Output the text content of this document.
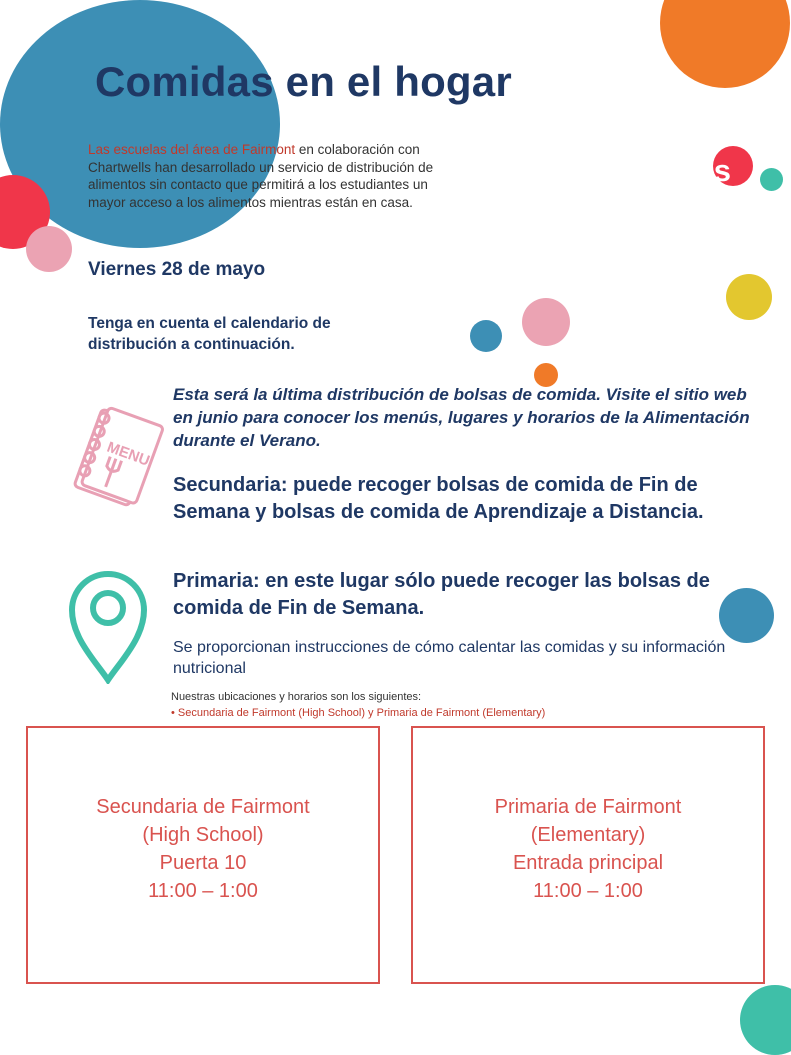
Comidas en el hogar
Las escuelas del área de Fairmont en colaboración con Chartwells han desarrollado un servicio de distribución de alimentos sin contacto que permitirá a los estudiantes un mayor acceso a los alimentos mientras están en casa.
Viernes 28 de mayo
Tenga en cuenta el calendario de distribución a continuación.
Comidas GRATIS para todos los niños(as) hasta los 18 años
MENU
Esta será la última distribución de bolsas de comida. Visite el sitio web en junio para conocer los menús, lugares y horarios de la Alimentación durante el Verano.
Secundaria: puede recoger bolsas de comida de Fin de Semana y bolsas de comida de Aprendizaje a Distancia.
Primaria: en este lugar sólo puede recoger las bolsas de comida de Fin de Semana.
Se proporcionan instrucciones de cómo calentar las comidas y su información nutricional
Nuestras ubicaciones y horarios son los siguientes:
• Secundaria de Fairmont (High School) y Primaria de Fairmont (Elementary)
Secundaria de Fairmont
(High School)
Puerta 10
11:00 – 1:00
Primaria de Fairmont
(Elementary)
Entrada principal
11:00 – 1:00
